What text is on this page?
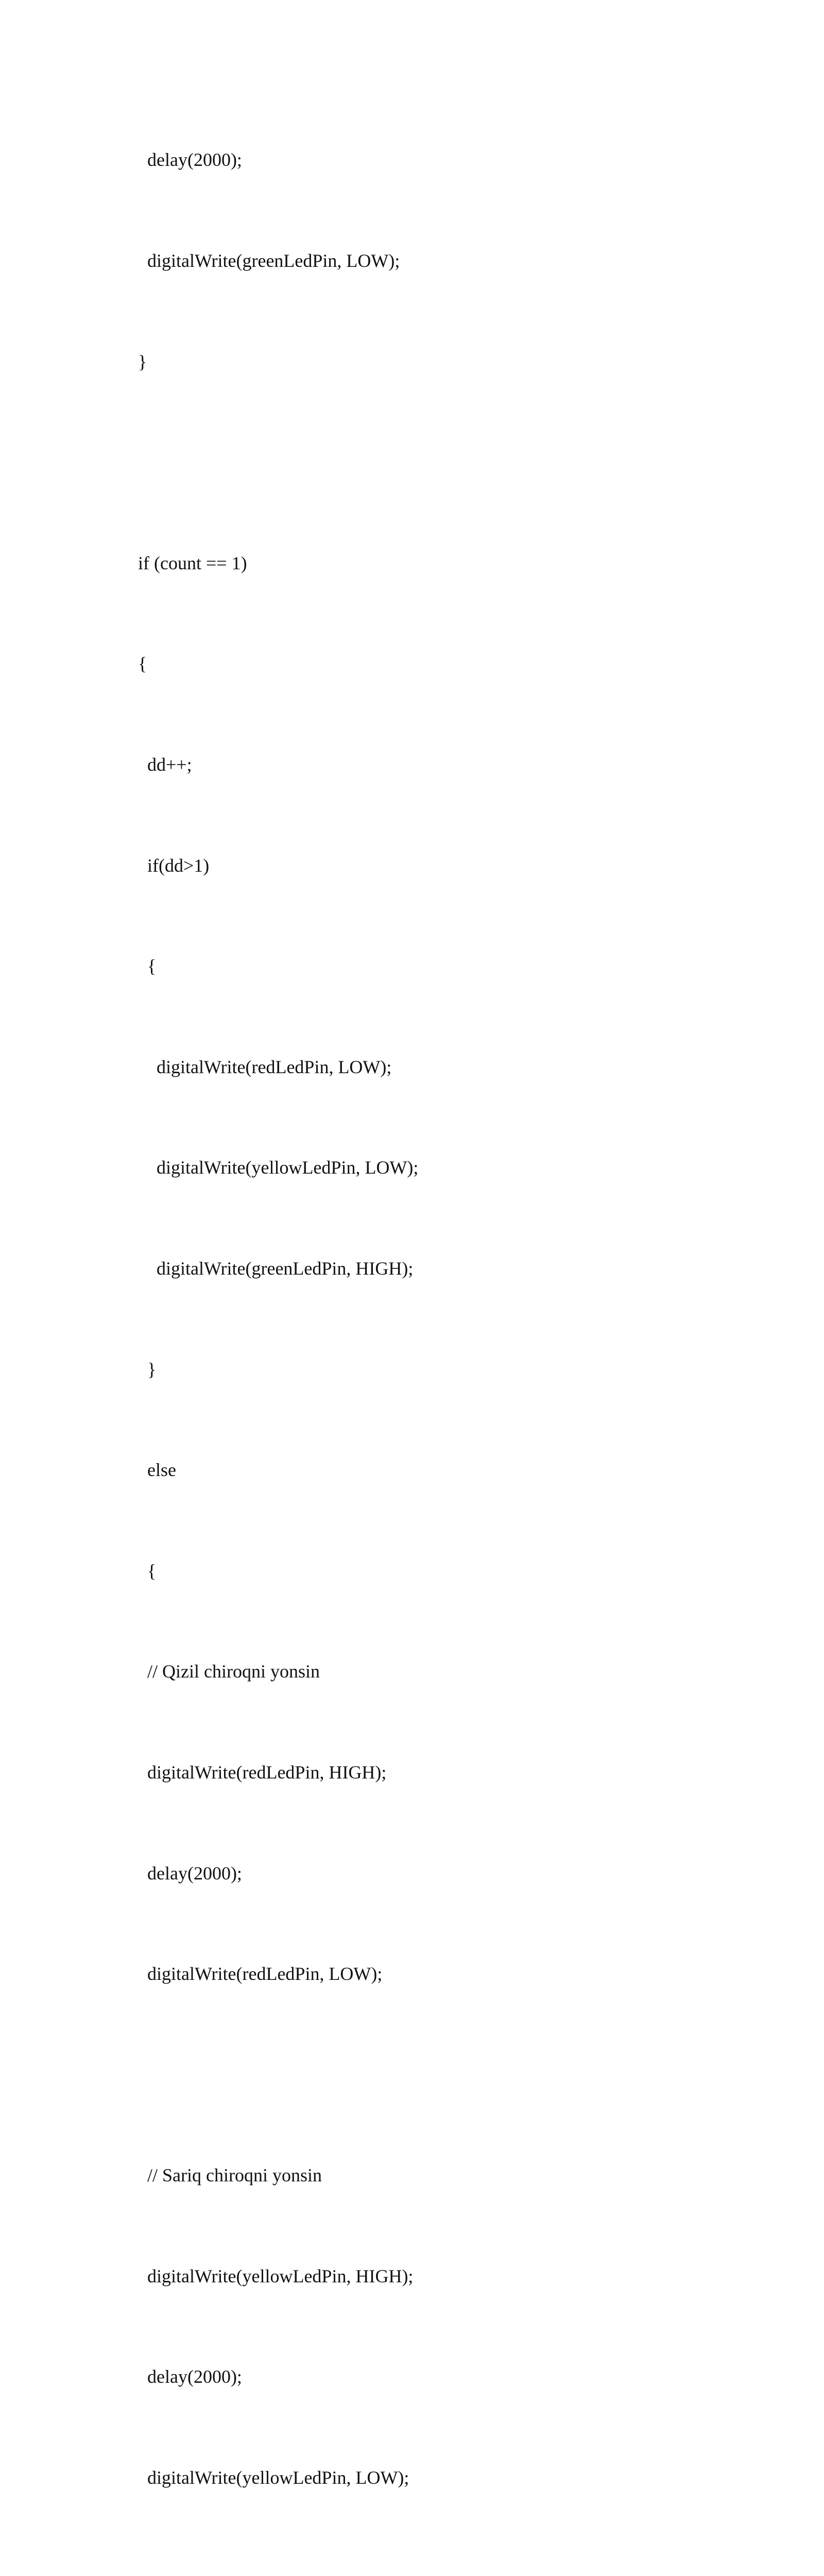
delay(2000);

digitalWrite(greenLedPin, LOW);

}

if (count == 1)

{

dd++;

if(dd>1)

{

digitalWrite(redLedPin, LOW);

digitalWrite(yellowLedPin, LOW);

digitalWrite(greenLedPin, HIGH);

}

else

{

// Qizil chiroqni yonsin

digitalWrite(redLedPin, HIGH);

delay(2000);

digitalWrite(redLedPin, LOW);

// Sariq chiroqni yonsin

digitalWrite(yellowLedPin, HIGH);

delay(2000);

digitalWrite(yellowLedPin, LOW);
